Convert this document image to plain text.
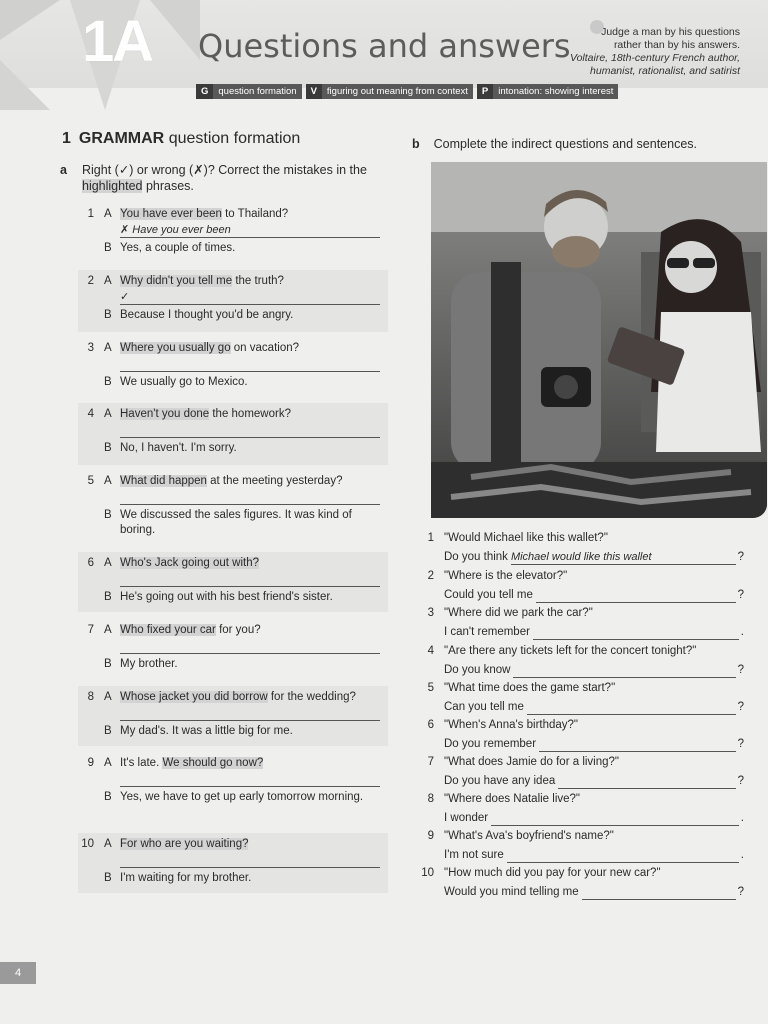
1A Questions and answers	Judge a man by his questions
rather than by his answers.
Voltaire, 18th-century French author,
humanist, rationalist, and satirist
G	question formation	V	figuring out meaning from context	P	intonation: showing interest
1 GRAMMAR question formation
a Right (✓) or wrong (✗)? Correct the mistakes in the
highlighted phrases.
1 A You have ever been to Thailand?
✗ Have you ever been
B Yes, a couple of times.
2 A Why didn't you tell me the truth?
✓
B Because I thought you'd be angry.
3 A Where you usually go on vacation?
B We usually go to Mexico.
4 A Haven't you done the homework?
B No, I haven't. I'm sorry.
5 A What did happen at the meeting yesterday?
B We discussed the sales figures. It was kind of boring.
6 A Who's Jack going out with?
B He's going out with his best friend's sister.
7 A Who fixed your car for you?
B My brother.
8 A Whose jacket you did borrow for the wedding?
B My dad's. It was a little big for me.
9 A It's late. We should go now?
B Yes, we have to get up early tomorrow morning.
10 A For who are you waiting?
B I'm waiting for my brother.
b Complete the indirect questions and sentences.
1 "Would Michael like this wallet?"
Do you think Michael would like this wallet	?
2 "Where is the elevator?"
Could you tell me	?
3 "Where did we park the car?"
I can't remember	.
4 "Are there any tickets left for the concert tonight?"
Do you know	?
5 "What time does the game start?"
Can you tell me	?
6 "When's Anna's birthday?"
Do you remember	?
7 "What does Jamie do for a living?"
Do you have any idea	?
8 "Where does Natalie live?"
I wonder	.
9 "What's Ava's boyfriend's name?"
I'm not sure	.
10 "How much did you pay for your new car?"
Would you mind telling me	?
4
